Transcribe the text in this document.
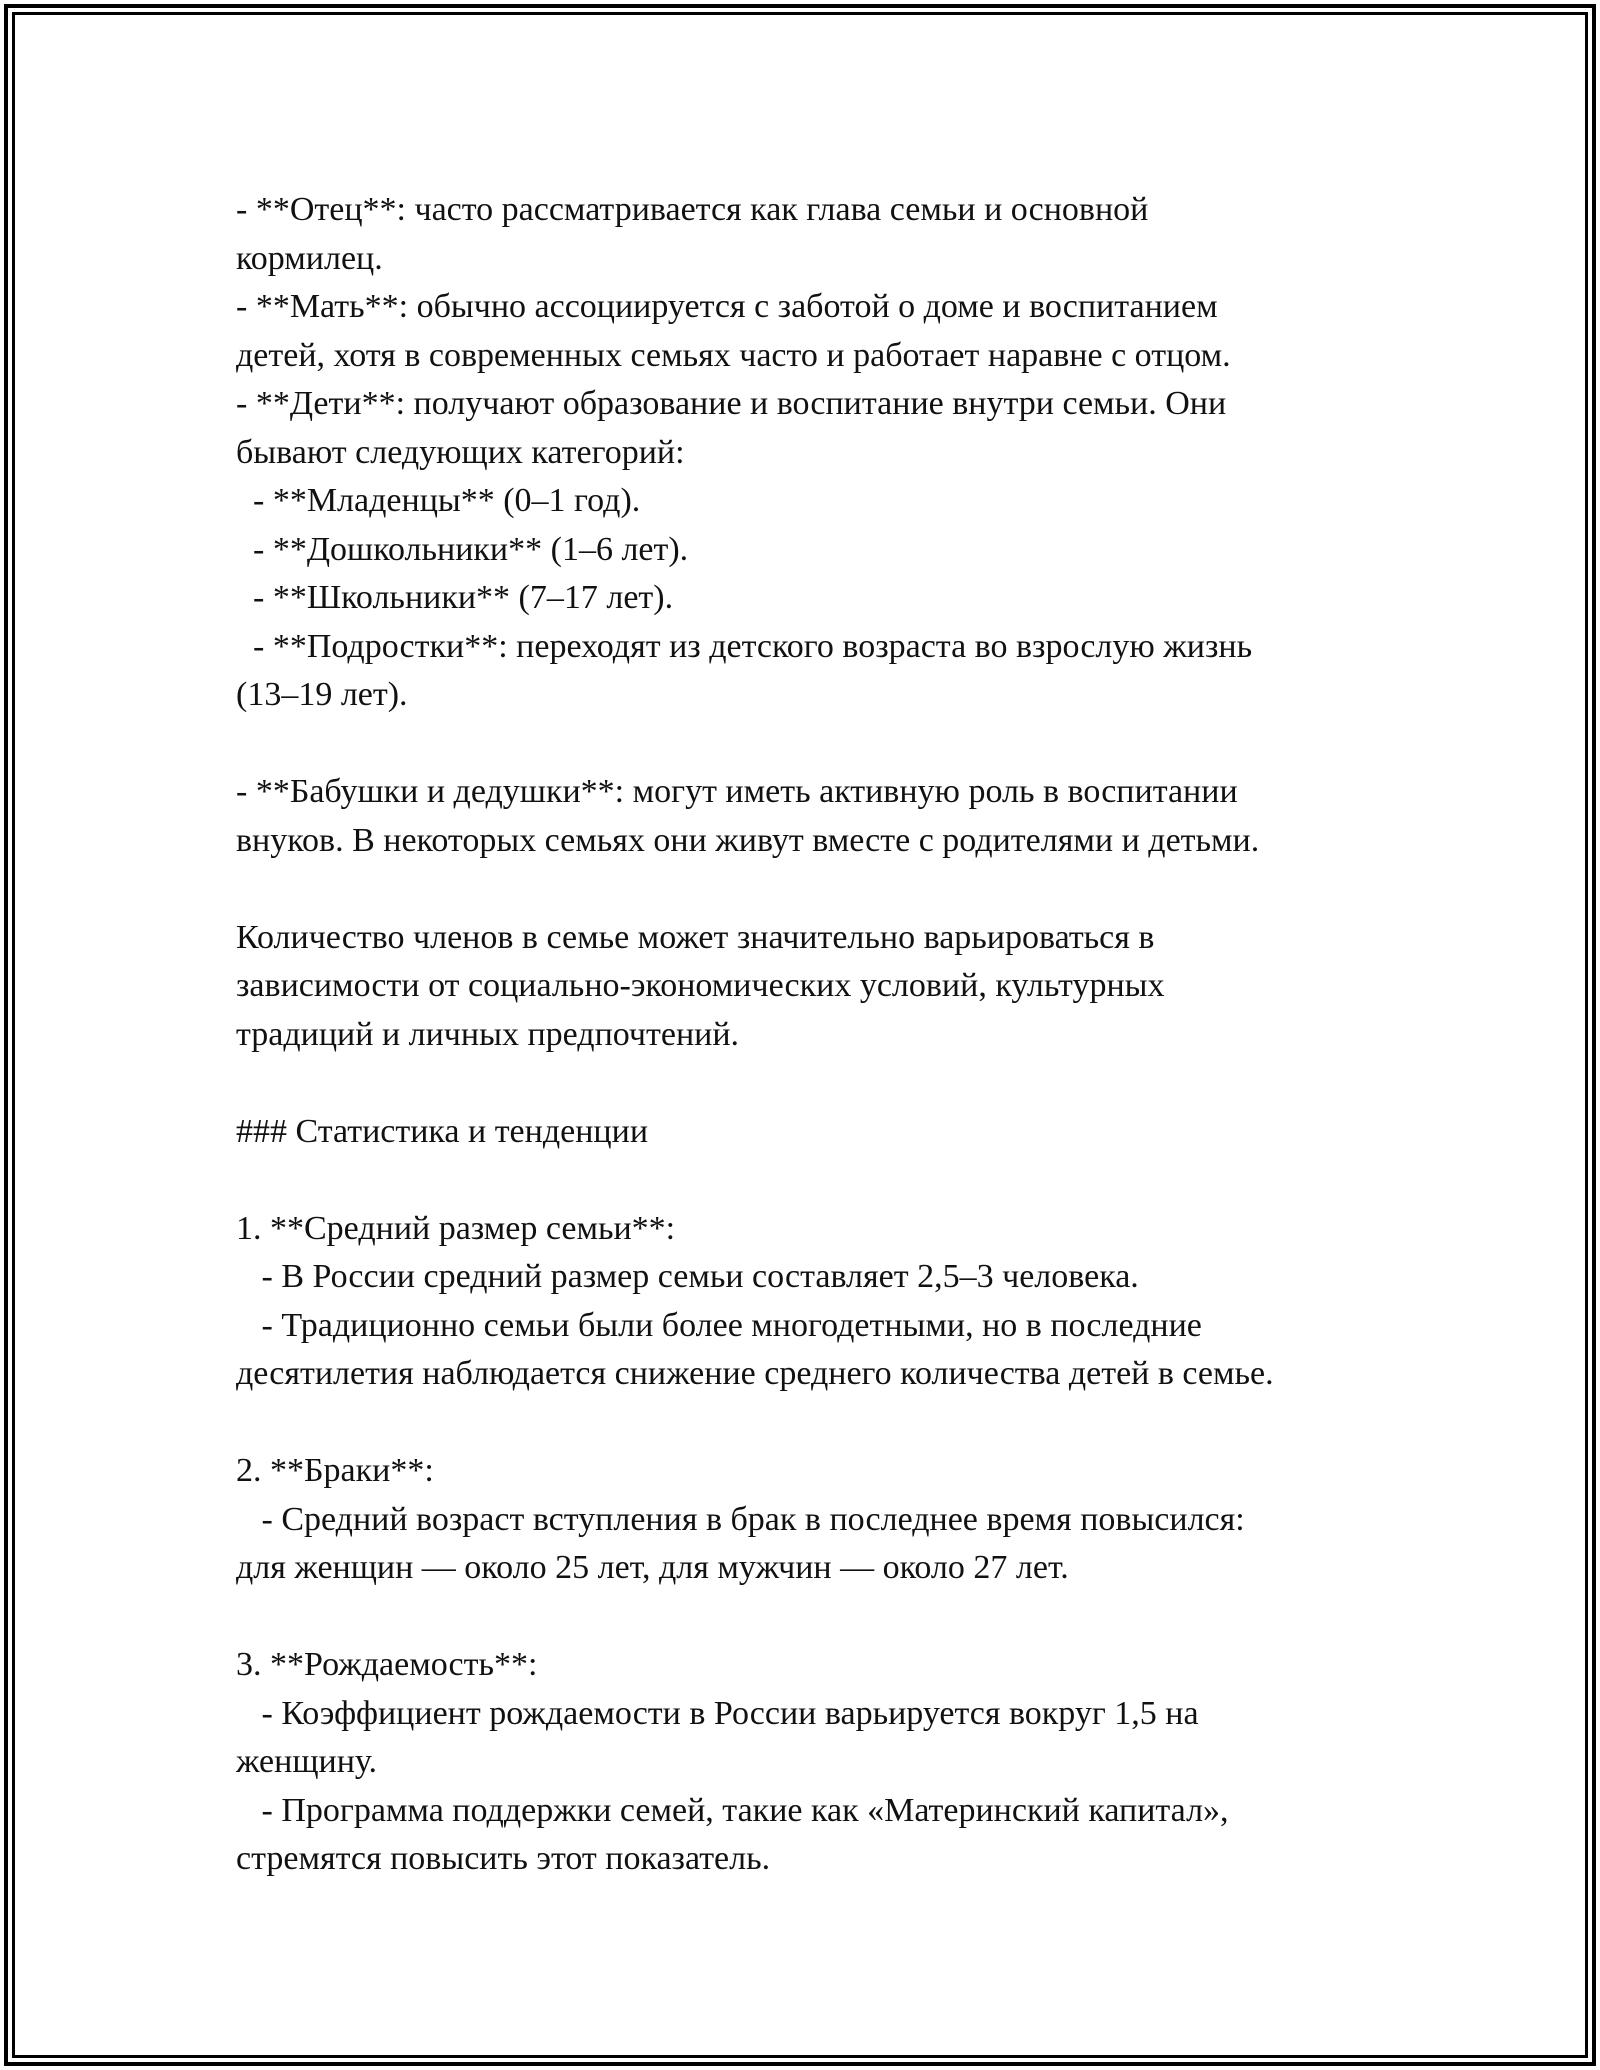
- **Отец**: часто рассматривается как глава семьи и основной
кормилец.
- **Мать**: обычно ассоциируется с заботой о доме и воспитанием
детей, хотя в современных семьях часто и работает наравне с отцом.
- **Дети**: получают образование и воспитание внутри семьи. Они
бывают следующих категорий:
- **Младенцы** (0–1 год).
- **Дошкольники** (1–6 лет).
- **Школьники** (7–17 лет).
- **Подростки**: переходят из детского возраста во взрослую жизнь
(13–19 лет).
- **Бабушки и дедушки**: могут иметь активную роль в воспитании
внуков. В некоторых семьях они живут вместе с родителями и детьми.
Количество членов в семье может значительно варьироваться в
зависимости от социально-экономических условий, культурных
традиций и личных предпочтений.
### Статистика и тенденции
1. **Средний размер семьи**:
- В России средний размер семьи составляет 2,5–3 человека.
- Традиционно семьи были более многодетными, но в последние
десятилетия наблюдается снижение среднего количества детей в семье.
2. **Браки**:
- Средний возраст вступления в брак в последнее время повысился:
для женщин — около 25 лет, для мужчин — около 27 лет.
3. **Рождаемость**:
- Коэффициент рождаемости в России варьируется вокруг 1,5 на
женщину.
- Программа поддержки семей, такие как «Материнский капитал»,
стремятся повысить этот показатель.
